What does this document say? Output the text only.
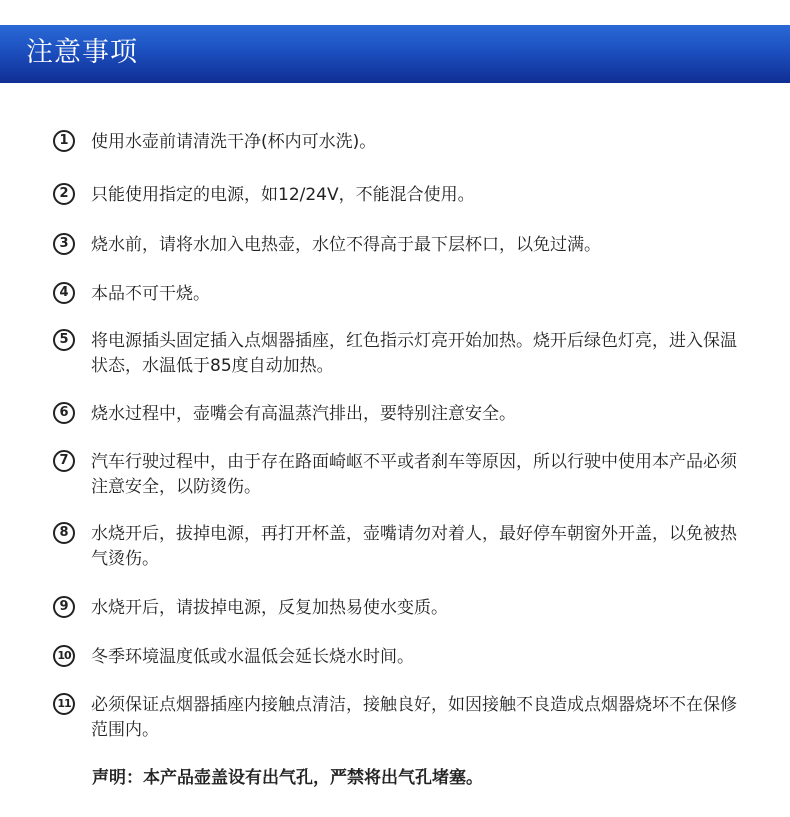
注意事项
1	使用水壶前请清洗干净(杯内可水洗)。
2	只能使用指定的电源，如12/24V，不能混合使用。
3	烧水前，请将水加入电热壶，水位不得高于最下层杯口，以免过满。
4	本品不可干烧。
5	将电源插头固定插入点烟器插座，红色指示灯亮开始加热。烧开后绿色灯亮，进入保温状态，水温低于85度自动加热。
6	烧水过程中，壶嘴会有高温蒸汽排出，要特别注意安全。
7	汽车行驶过程中，由于存在路面崎岖不平或者刹车等原因，所以行驶中使用本产品必须注意安全，以防烫伤。
8	水烧开后，拔掉电源，再打开杯盖，壶嘴请勿对着人，最好停车朝窗外开盖，以免被热气烫伤。
9	水烧开后，请拔掉电源，反复加热易使水变质。
10 冬季环境温度低或水温低会延长烧水时间。
11 必须保证点烟器插座内接触点清洁，接触良好，如因接触不良造成点烟器烧坏不在保修范围内。
声明：本产品壶盖设有出气孔，严禁将出气孔堵塞。
